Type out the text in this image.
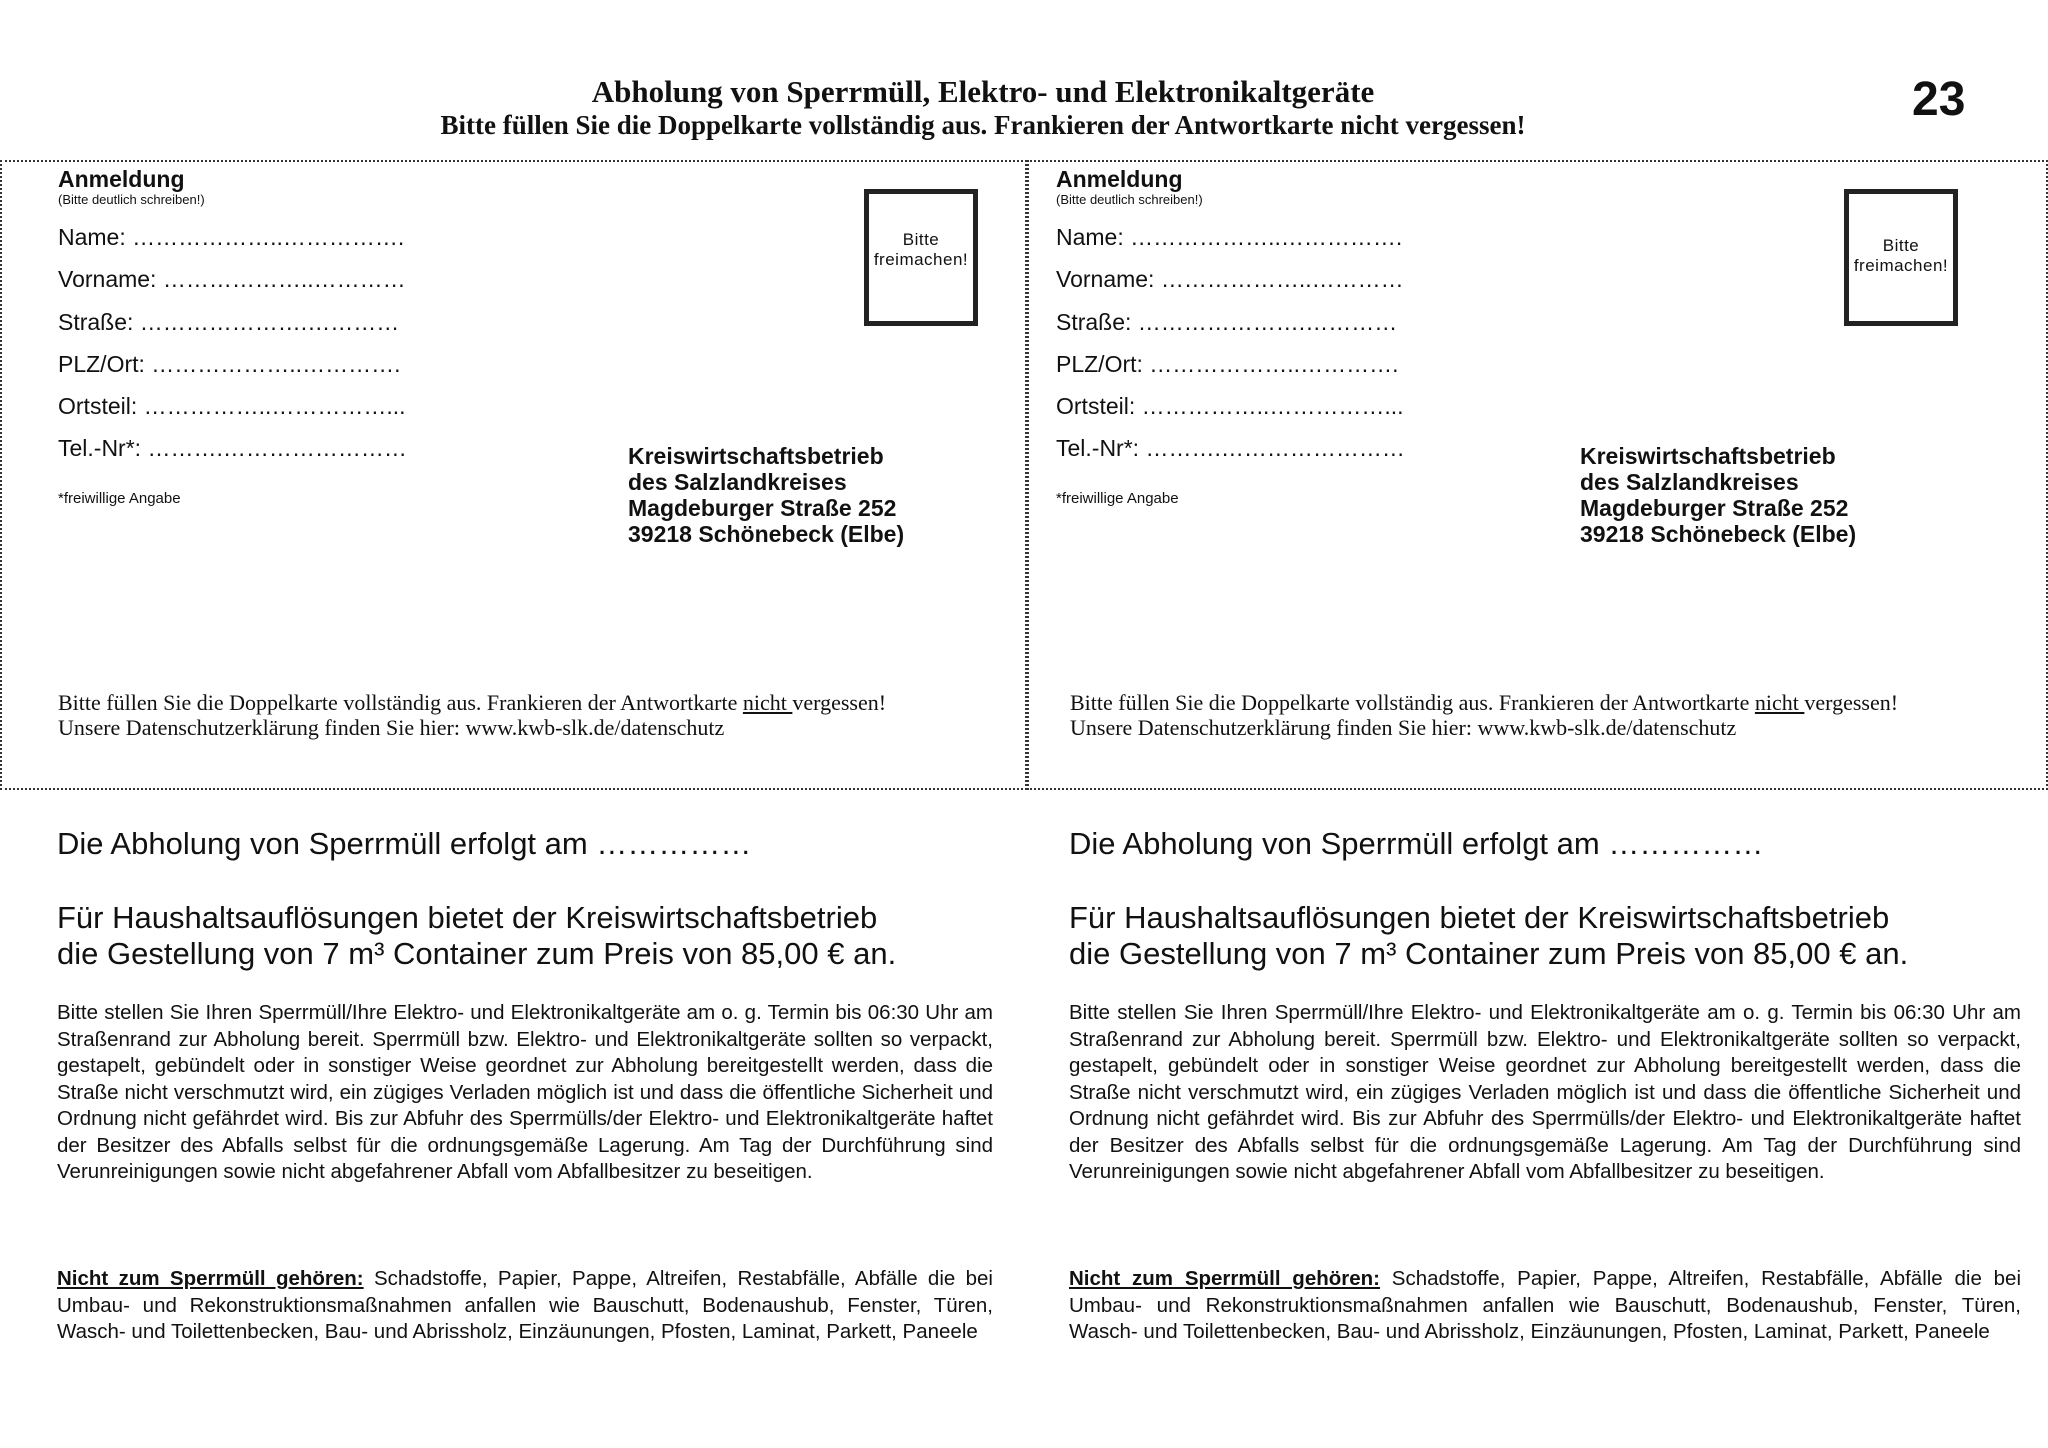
Abholung von Sperrmüll, Elektro- und Elektronikaltgeräte
Bitte füllen Sie die Doppelkarte vollständig aus. Frankieren der Antwortkarte nicht vergessen!	23
Anmeldung
(Bitte deutlich schreiben!)
Name: ………………..…………….
Vorname: ………………..…………
Straße: ………………….…………
PLZ/Ort: ………………..………….
Ortsteil: ……………..……………...
Tel.-Nr*: ……….……………………
*freiwillige Angabe
Bitte
freimachen!
Kreiswirtschaftsbetrieb
des Salzlandkreises
Magdeburger Straße 252
39218 Schönebeck (Elbe)
Bitte füllen Sie die Doppelkarte vollständig aus. Frankieren der Antwortkarte nicht vergessen!
Unsere Datenschutzerklärung finden Sie hier: www.kwb-slk.de/datenschutz
Anmeldung
(Bitte deutlich schreiben!)
Name: ………………..…………….
Vorname: ………………..…………
Straße: ………………….…………
PLZ/Ort: ………………..………….
Ortsteil: ……………..……………...
Tel.-Nr*: ……….……………………
*freiwillige Angabe
Bitte
freimachen!
Kreiswirtschaftsbetrieb
des Salzlandkreises
Magdeburger Straße 252
39218 Schönebeck (Elbe)
Bitte füllen Sie die Doppelkarte vollständig aus. Frankieren der Antwortkarte nicht vergessen!
Unsere Datenschutzerklärung finden Sie hier: www.kwb-slk.de/datenschutz
Die Abholung von Sperrmüll erfolgt am ……………
Für Haushaltsauflösungen bietet der Kreiswirtschaftsbetrieb
die Gestellung von 7 m³ Container zum Preis von 85,00 € an.
Bitte stellen Sie Ihren Sperrmüll/Ihre Elektro- und Elektronikaltgeräte am o. g. Termin bis 06:30 Uhr am Straßenrand zur Abholung bereit. Sperrmüll bzw. Elektro- und Elektronikaltgeräte sollten so verpackt, gestapelt, gebündelt oder in sonstiger Weise geordnet zur Abholung bereitgestellt werden, dass die Straße nicht verschmutzt wird, ein zügiges Verladen möglich ist und dass die öffentliche Sicherheit und Ordnung nicht gefährdet wird. Bis zur Abfuhr des Sperrmülls/der Elektro- und Elektronikaltgeräte haftet der Besitzer des Abfalls selbst für die ordnungsgemäße Lagerung. Am Tag der Durchführung sind Verunreinigungen sowie nicht abgefahrener Abfall vom Abfallbesitzer zu beseitigen.
Nicht zum Sperrmüll gehören: Schadstoffe, Papier, Pappe, Altreifen, Restabfälle, Abfälle die bei Umbau- und Rekonstruktionsmaßnahmen anfallen wie Bauschutt, Bodenaushub, Fenster, Türen, Wasch- und Toilettenbecken, Bau- und Abrissholz, Einzäunungen, Pfosten, Laminat, Parkett, Paneele
Die Abholung von Sperrmüll erfolgt am ……………
Für Haushaltsauflösungen bietet der Kreiswirtschaftsbetrieb
die Gestellung von 7 m³ Container zum Preis von 85,00 € an.
Bitte stellen Sie Ihren Sperrmüll/Ihre Elektro- und Elektronikaltgeräte am o. g. Termin bis 06:30 Uhr am Straßenrand zur Abholung bereit. Sperrmüll bzw. Elektro- und Elektronikaltgeräte sollten so verpackt, gestapelt, gebündelt oder in sonstiger Weise geordnet zur Abholung bereitgestellt werden, dass die Straße nicht verschmutzt wird, ein zügiges Verladen möglich ist und dass die öffentliche Sicherheit und Ordnung nicht gefährdet wird. Bis zur Abfuhr des Sperrmülls/der Elektro- und Elektronikaltgeräte haftet der Besitzer des Abfalls selbst für die ordnungsgemäße Lagerung. Am Tag der Durchführung sind Verunreinigungen sowie nicht abgefahrener Abfall vom Abfallbesitzer zu beseitigen.
Nicht zum Sperrmüll gehören: Schadstoffe, Papier, Pappe, Altreifen, Restabfälle, Abfälle die bei Umbau- und Rekonstruktionsmaßnahmen anfallen wie Bauschutt, Bodenaushub, Fenster, Türen, Wasch- und Toilettenbecken, Bau- und Abrissholz, Einzäunungen, Pfosten, Laminat, Parkett, Paneele
